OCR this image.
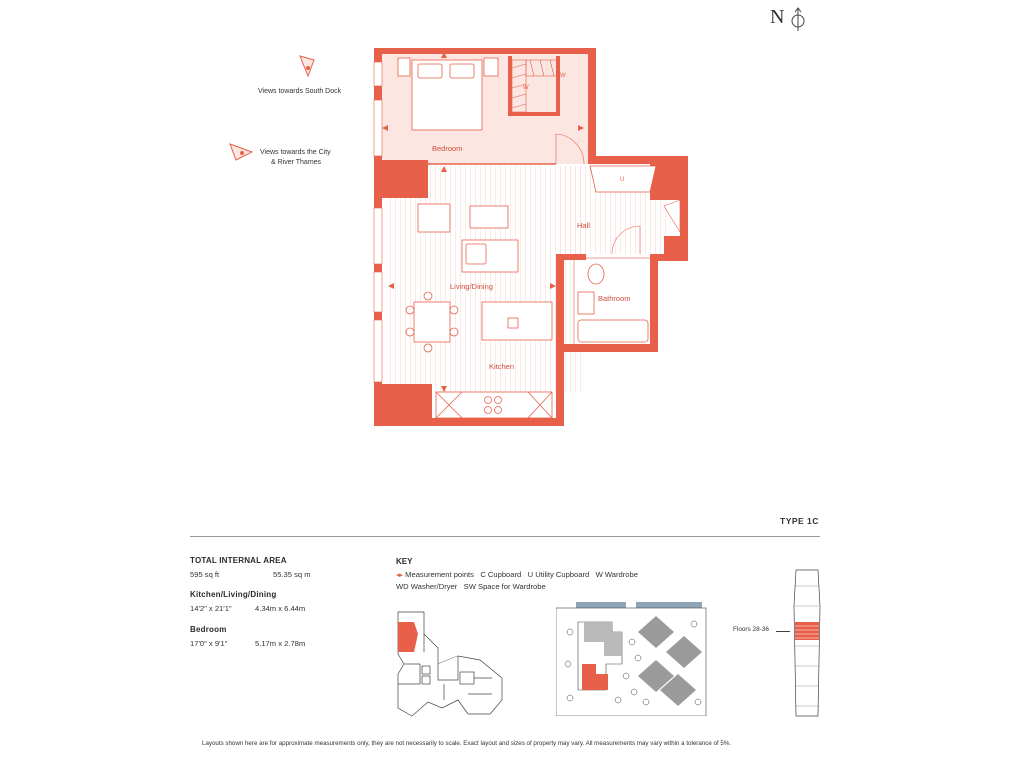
N
Views towards South Dock
Views towards the City
& River Thames
W
W
U
Bedroom
Living/Dining
Kitchen
Hall
Bathroom
TYPE 1C
TOTAL INTERNAL AREA
595 sq ft	55.35 sq m
Kitchen/Living/Dining
14'2" x 21'1"	4.34m x 6.44m
Bedroom
17'0" x 9'1"	5.17m x 2.78m
KEY
◂▸ Measurement points C Cupboard U Utility Cupboard W Wardrobe
WD Washer/Dryer SW Space for Wardrobe
Floors 28-36
Layouts shown here are for approximate measurements only, they are not necessarily to scale. Exact layout and sizes of property may vary. All measurements may vary within a tolerance of 5%.
